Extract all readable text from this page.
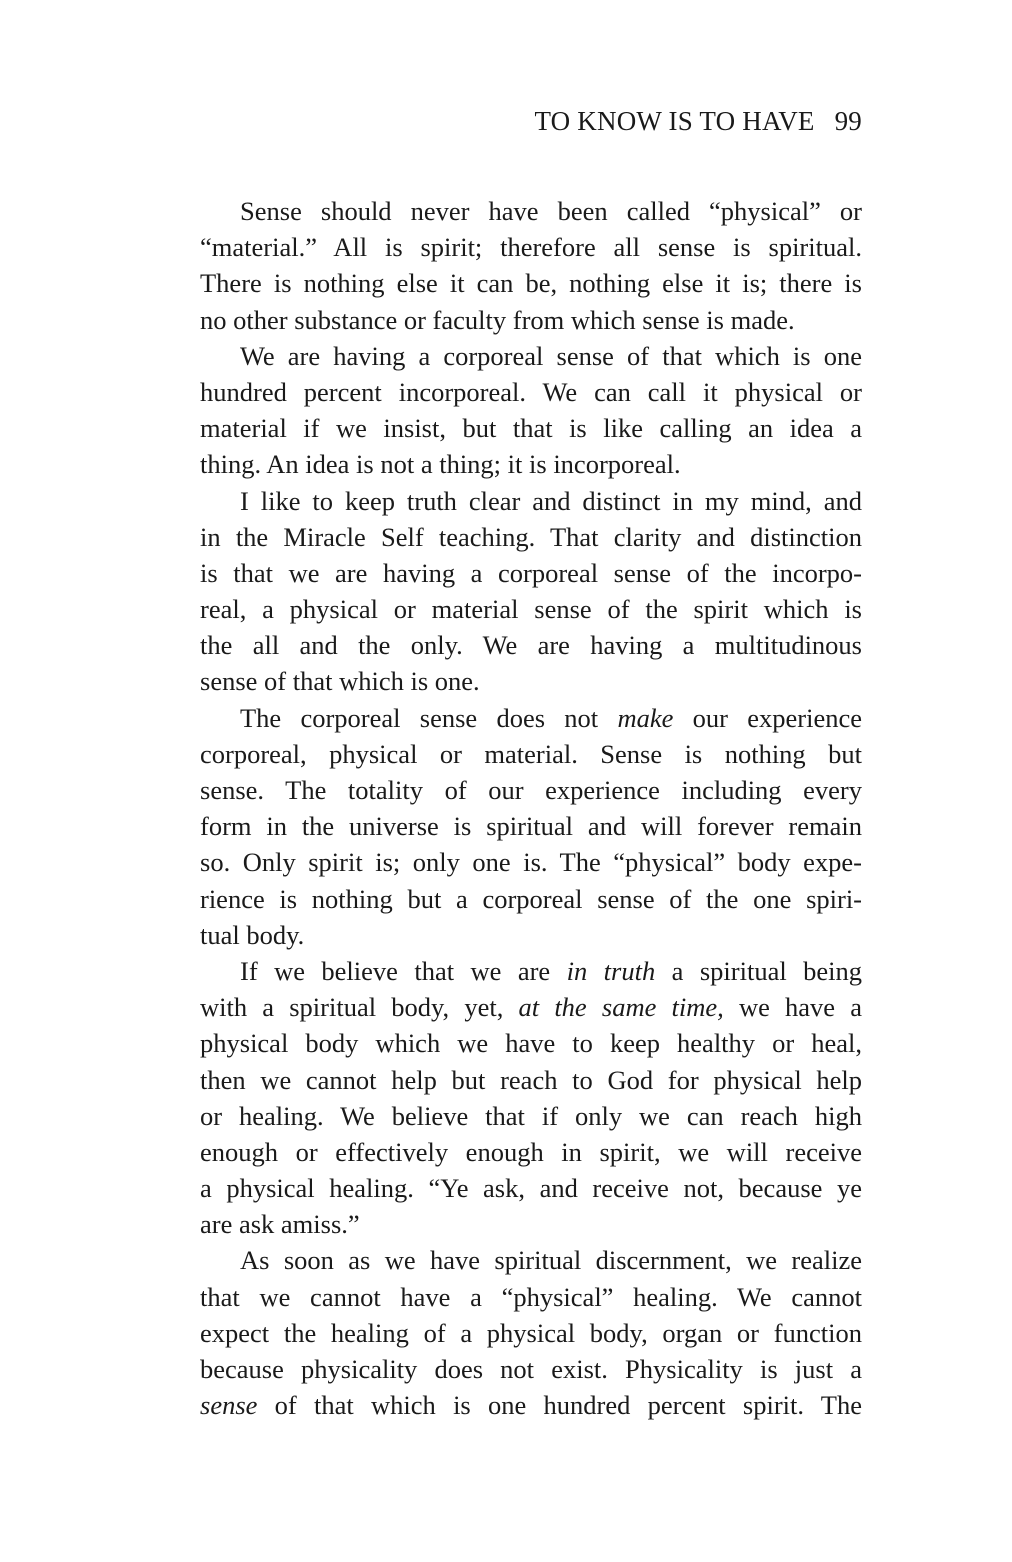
TO KNOW IS TO HAVE 99
Sense should never have been called “physical” or
“material.” All is spirit; therefore all sense is spiritual.
There is nothing else it can be, nothing else it is; there is
no other substance or faculty from which sense is made.
We are having a corporeal sense of that which is one
hundred percent incorporeal. We can call it physical or
material if we insist, but that is like calling an idea a
thing. An idea is not a thing; it is incorporeal.
I like to keep truth clear and distinct in my mind, and
in the Miracle Self teaching. That clarity and distinction
is that we are having a corporeal sense of the incorpo-
real, a physical or material sense of the spirit which is
the all and the only. We are having a multitudinous
sense of that which is one.
The corporeal sense does not make our experience
corporeal, physical or material. Sense is nothing but
sense. The totality of our experience including every
form in the universe is spiritual and will forever remain
so. Only spirit is; only one is. The “physical” body expe-
rience is nothing but a corporeal sense of the one spiri-
tual body.
If we believe that we are in truth a spiritual being
with a spiritual body, yet, at the same time, we have a
physical body which we have to keep healthy or heal,
then we cannot help but reach to God for physical help
or healing. We believe that if only we can reach high
enough or effectively enough in spirit, we will receive
a physical healing. “Ye ask, and receive not, because ye
are ask amiss.”
As soon as we have spiritual discernment, we realize
that we cannot have a “physical” healing. We cannot
expect the healing of a physical body, organ or function
because physicality does not exist. Physicality is just a
sense of that which is one hundred percent spirit. The
